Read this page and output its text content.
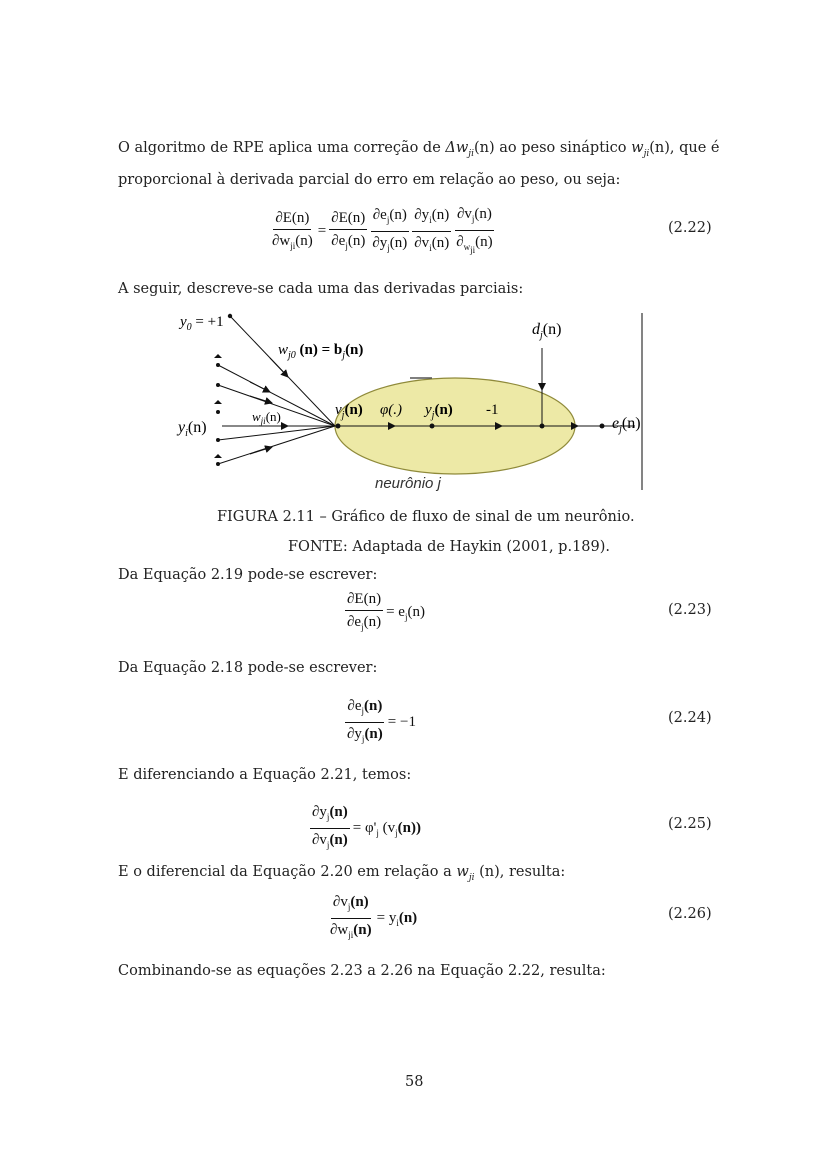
O algoritmo de RPE aplica uma correção de $\Delta w_{ji}(n)$ ao peso sináptico $w_{ji}(n)$, que é
proporcional à derivada parcial do erro em relação ao peso, ou seja:
$\frac{\partial E(n)}{\partial w_{ji}(n)} = \frac{\partial E(n)}{\partial e_j(n)} \frac{\partial e_j(n)}{\partial y_j(n)} \frac{\partial y_i(n)}{\partial v_i(n)} \frac{\partial v_j(n)}{\partial_{w_{ji}}(n)}$	(2.22)
A seguir, descreve-se cada uma das derivadas parciais:
$y_0 = +1$
$w_{j0}$ $(n) = b_j(n)$
$y_i(n)$
$w_{ji}(n)$	$v_j(n)$ φ(.) $y_j(n)$ -1
$d_j(n)$
$e_j(n)$
neurônio j
FIGURA 2.11 – Gráfico de fluxo de sinal de um neurônio.
FONTE: Adaptada de Haykin (2001, p.189).
Da Equação 2.19 pode-se escrever:
$\frac{\partial E(n)}{\partial e_j(n)} = e_j(n)$	(2.23)
Da Equação 2.18 pode-se escrever:
$\frac{\partial e_j(n)}{\partial y_j(n)} = -1$	(2.24)
E diferenciando a Equação 2.21, temos:
$\frac{\partial y_j(n)}{\partial v_j(n)} = \varphi'_j$ $(v_j(n))$	(2.25)
E o diferencial da Equação 2.20 em relação a $w_{ji}$ (n), resulta:
$\frac{\partial v_j(n)}{\partial w_{ji}(n)} = y_i(n)$	(2.26)
Combinando-se as equações 2.23 a 2.26 na Equação 2.22, resulta:
58
